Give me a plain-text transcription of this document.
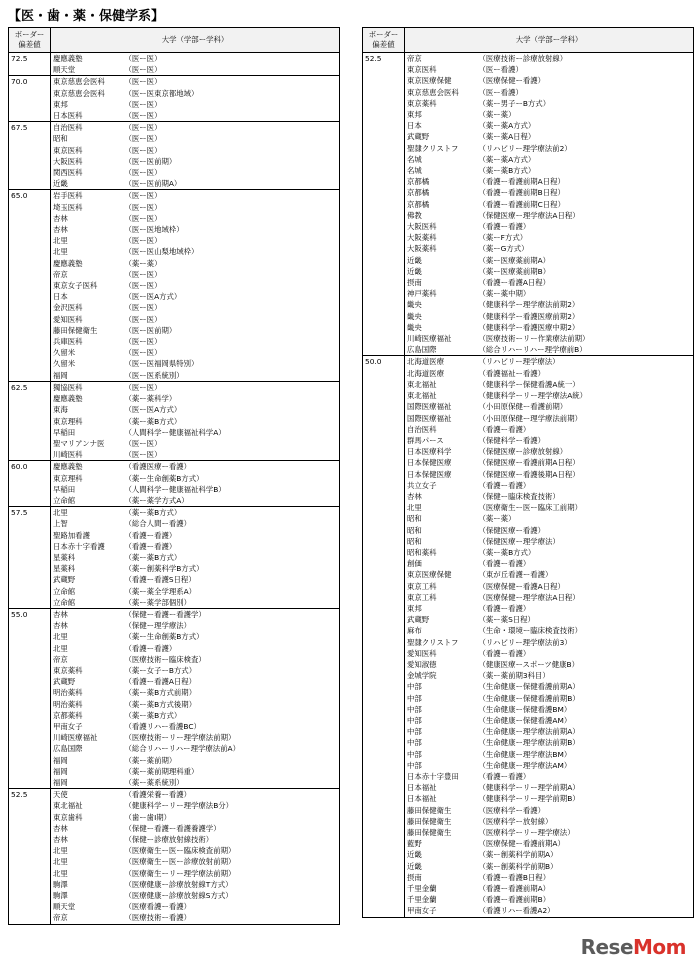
【医・歯・薬・保健学系】
ボーダー
偏差値	大学（学部ー学科）	
72.5	慶應義塾	（医ー医）
	順天堂	（医ー医）
70.0	東京慈恵会医科	（医ー医）
	東京慈恵会医科	（医ー医東京都地域）
	東邦	（医ー医）
	日本医科	（医ー医）
67.5	自治医科	（医ー医）
	昭和	（医ー医）
	東京医科	（医ー医）
	大阪医科	（医ー医前期）
	関西医科	（医ー医）
	近畿	（医ー医前期A）
65.0	岩手医科	（医ー医）
	埼玉医科	（医ー医）
	杏林	（医ー医）
	杏林	（医ー医地域枠）
	北里	（医ー医）
	北里	（医ー医山梨地域枠）
	慶應義塾	（薬ー薬）
	帝京	（医ー医）
	東京女子医科	（医ー医）
	日本	（医ー医A方式）
	金沢医科	（医ー医）
	愛知医科	（医ー医）
	藤田保健衛生	（医ー医前期）
	兵庫医科	（医ー医）
	久留米	（医ー医）
	久留米	（医ー医福岡県特別）
	福岡	（医ー医系統別）
62.5	獨協医科	（医ー医）
	慶應義塾	（薬ー薬科学）
	東海	（医ー医A方式）
	東京理科	（薬ー薬B方式）
	早稲田	（人間科学ー健康福祉科学A）
	聖マリアンナ医	（医ー医）
	川崎医科	（医ー医）
60.0	慶應義塾	（看護医療ー看護）
	東京理科	（薬ー生命創薬B方式）
	早稲田	（人間科学ー健康福祉科学B）
	立命館	（薬ー薬学方式A）
57.5	北里	（薬ー薬B方式）
	上智	（総合人間ー看護）
	聖路加看護	（看護ー看護）
	日本赤十字看護	（看護ー看護）
	星薬科	（薬ー薬B方式）
	星薬科	（薬ー創薬科学B方式）
	武蔵野	（看護ー看護S日程）
	立命館	（薬ー薬全学理系A）
	立命館	（薬ー薬学部個別）
55.0	杏林	（保健ー看護ー看護学）
	杏林	（保健ー理学療法）
	北里	（薬ー生命創薬B方式）
	北里	（看護ー看護）
	帝京	（医療技術ー臨床検査）
	東京薬科	（薬ー女子ーB方式）
	武蔵野	（看護ー看護A日程）
	明治薬科	（薬ー薬B方式前期）
	明治薬科	（薬ー薬B方式後期）
	京都薬科	（薬ー薬B方式）
	甲南女子	（看護リハー看護BC）
	川崎医療福祉	（医療技術ーリー理学療法前期）
	広島国際	（総合リハーリハー理学療法前A）
	福岡	（薬ー薬前期）
	福岡	（薬ー薬前期理科重）
	福岡	（薬ー薬系統別）
52.5	天使	（看護栄養ー看護）
	東北福祉	（健康科学ーリー理学療法B分）
	東京歯科	（歯ー歯Ⅰ期）
	杏林	（保健ー看護ー看護養護学）
	杏林	（保健ー診療放射線技術）
	北里	（医療衛生ー医ー臨床検査前期）
	北里	（医療衛生ー医ー診療放射前期）
	北里	（医療衛生ーリー理学療法前期）
	駒澤	（医療健康ー診療放射線T方式）
	駒澤	（医療健康ー診療放射線S方式）
	順天堂	（医療看護ー看護）
	帝京	（医療技術ー看護）
ボーダー
偏差値	大学（学部ー学科）	
52.5	帝京	（医療技術ー診療放射線）
	東京医科	（医ー看護）
	東京医療保健	（医療保健ー看護）
	東京慈恵会医科	（医ー看護）
	東京薬科	（薬ー男子ーB方式）
	東邦	（薬ー薬）
	日本	（薬ー薬A方式）
	武蔵野	（薬ー薬A日程）
	聖隷クリストフ	（リハビリー理学療法前2）
	名城	（薬ー薬A方式）
	名城	（薬ー薬B方式）
	京都橘	（看護ー看護前期A日程）
	京都橘	（看護ー看護前期B日程）
	京都橘	（看護ー看護前期C日程）
	佛教	（保健医療ー理学療法A日程）
	大阪医科	（看護ー看護）
	大阪薬科	（薬ーF方式）
	大阪薬科	（薬ーG方式）
	近畿	（薬ー医療薬前期A）
	近畿	（薬ー医療薬前期B）
	摂南	（看護ー看護A日程）
	神戸薬科	（薬ー薬中期）
	畿央	（健康科学ー理学療法前期2）
	畿央	（健康科学ー看護医療前期2）
	畿央	（健康科学ー看護医療中期2）
	川崎医療福祉	（医療技術ーリー作業療法前期）
	広島国際	（総合リハーリハー理学療前B）
50.0	北海道医療	（リハビリー理学療法）
	北海道医療	（看護福祉ー看護）
	東北福祉	（健康科学ー保健看護A統一）
	東北福祉	（健康科学ーリー理学療法A統）
	国際医療福祉	（小田原保健ー看護前期）
	国際医療福祉	（小田原保健ー理学療法前期）
	自治医科	（看護ー看護）
	群馬パース	（保健科学ー看護）
	日本医療科学	（保健医療ー診療放射線）
	日本保健医療	（保健医療ー看護前期A日程）
	日本保健医療	（保健医療ー看護後期A日程）
	共立女子	（看護ー看護）
	杏林	（保健ー臨床検査技術）
	北里	（医療衛生ー医ー臨床工前期）
	昭和	（薬ー薬）
	昭和	（保健医療ー看護）
	昭和	（保健医療ー理学療法）
	昭和薬科	（薬ー薬B方式）
	創価	（看護ー看護）
	東京医療保健	（東が丘看護ー看護）
	東京工科	（医療保健ー看護A日程）
	東京工科	（医療保健ー理学療法A日程）
	東邦	（看護ー看護）
	武蔵野	（薬ー薬S日程）
	麻布	（生命・環境ー臨床検査技術）
	聖隷クリストフ	（リハビリー理学療法前3）
	愛知医科	（看護ー看護）
	愛知淑徳	（健康医療ースポーツ健康B）
	金城学院	（薬ー薬前期3科目）
	中部	（生命健康ー保健看護前期A）
	中部	（生命健康ー保健看護前期B）
	中部	（生命健康ー保健看護BM）
	中部	（生命健康ー保健看護AM）
	中部	（生命健康ー理学療法前期A）
	中部	（生命健康ー理学療法前期B）
	中部	（生命健康ー理学療法BM）
	中部	（生命健康ー理学療法AM）
	日本赤十字豊田	（看護ー看護）
	日本福祉	（健康科学ーリー理学前期A）
	日本福祉	（健康科学ーリー理学前期B）
	藤田保健衛生	（医療科学ー看護）
	藤田保健衛生	（医療科学ー放射線）
	藤田保健衛生	（医療科学ーリー理学療法）
	藍野	（医療保健ー看護前期A）
	近畿	（薬ー創薬科学前期A）
	近畿	（薬ー創薬科学前期B）
	摂南	（看護ー看護B日程）
	千里金蘭	（看護ー看護前期A）
	千里金蘭	（看護ー看護前期B）
	甲南女子	（看護リハー看護A2）
ReseMom
